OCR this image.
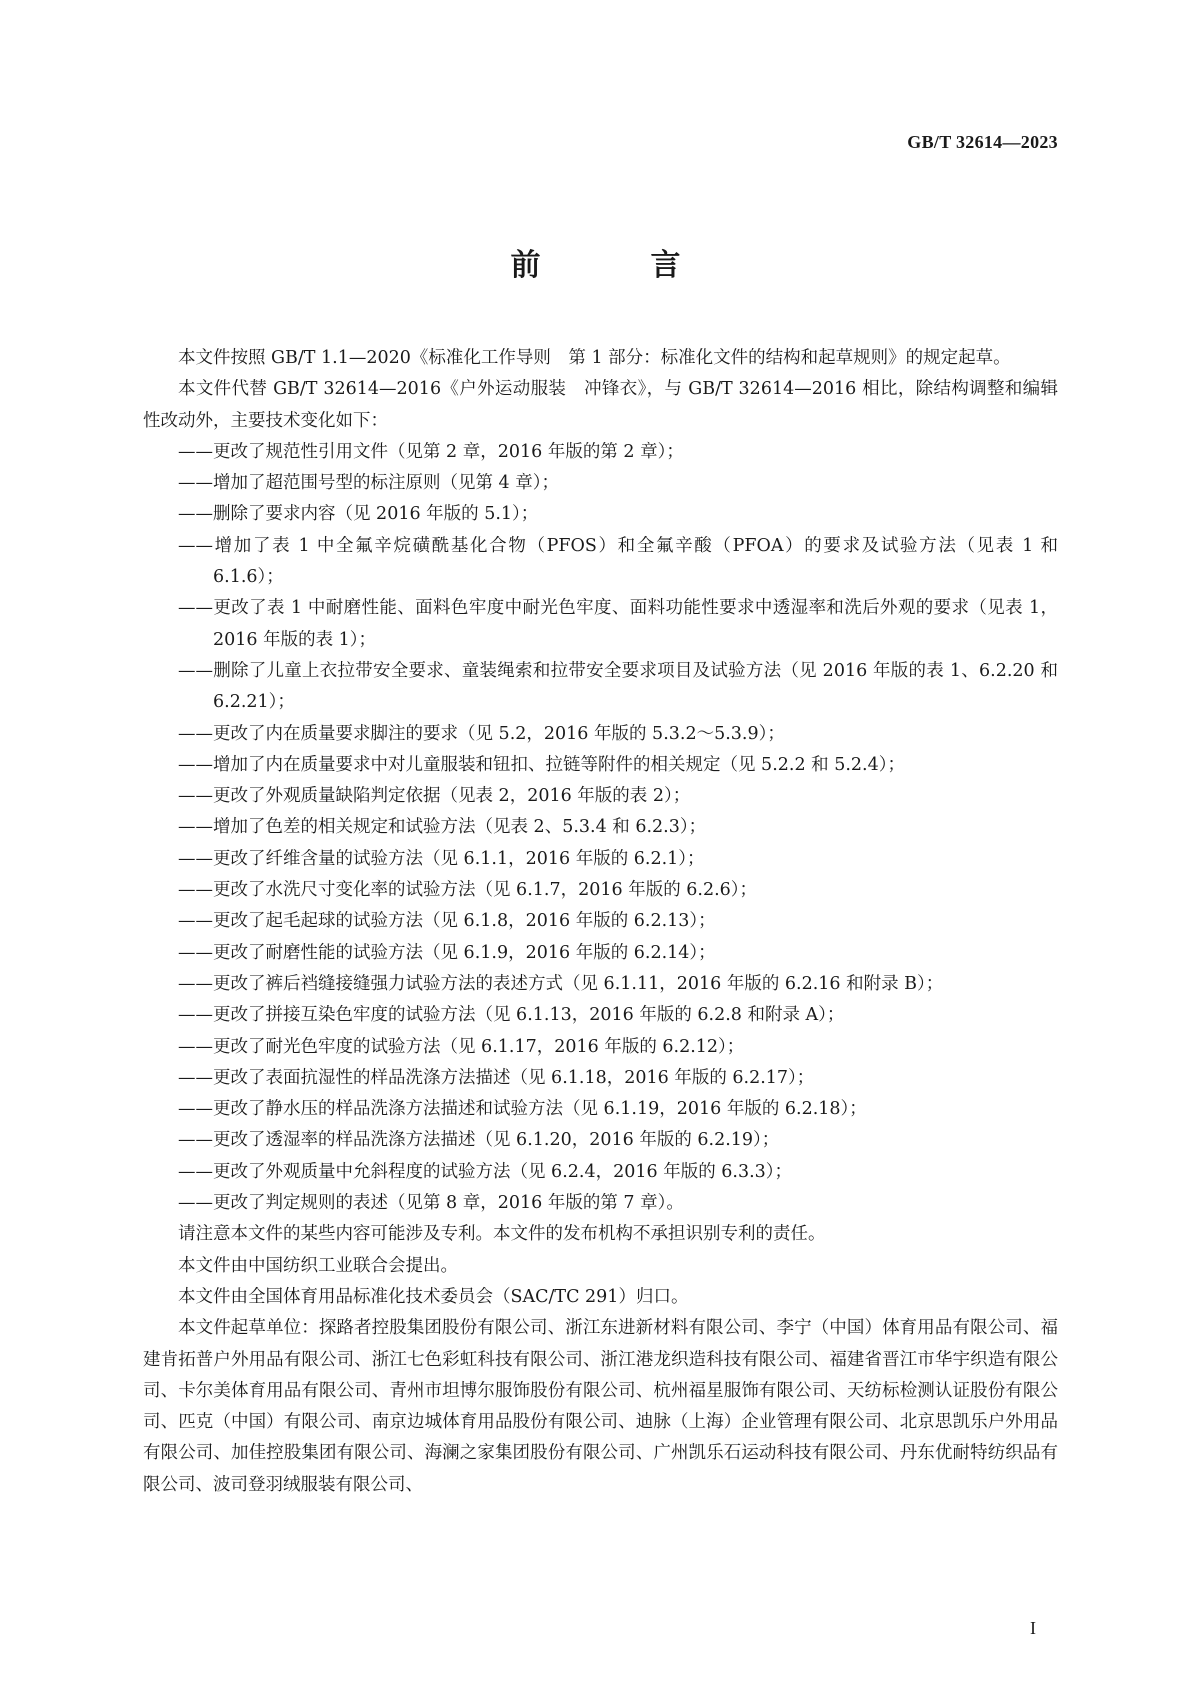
GB/T 32614—2023
前　言
本文件按照 GB/T 1.1—2020《标准化工作导则　第 1 部分：标准化文件的结构和起草规则》的规定起草。
本文件代替 GB/T 32614—2016《户外运动服装　冲锋衣》，与 GB/T 32614—2016 相比，除结构调整和编辑性改动外，主要技术变化如下：
——更改了规范性引用文件（见第 2 章，2016 年版的第 2 章）；
——增加了超范围号型的标注原则（见第 4 章）；
——删除了要求内容（见 2016 年版的 5.1）；
——增加了表 1 中全氟辛烷磺酰基化合物（PFOS）和全氟辛酸（PFOA）的要求及试验方法（见表 1 和 6.1.6）；
——更改了表 1 中耐磨性能、面料色牢度中耐光色牢度、面料功能性要求中透湿率和洗后外观的要求（见表 1，2016 年版的表 1）；
——删除了儿童上衣拉带安全要求、童装绳索和拉带安全要求项目及试验方法（见 2016 年版的表 1、6.2.20 和 6.2.21）；
——更改了内在质量要求脚注的要求（见 5.2，2016 年版的 5.3.2～5.3.9）；
——增加了内在质量要求中对儿童服装和钮扣、拉链等附件的相关规定（见 5.2.2 和 5.2.4）；
——更改了外观质量缺陷判定依据（见表 2，2016 年版的表 2）；
——增加了色差的相关规定和试验方法（见表 2、5.3.4 和 6.2.3）；
——更改了纤维含量的试验方法（见 6.1.1，2016 年版的 6.2.1）；
——更改了水洗尺寸变化率的试验方法（见 6.1.7，2016 年版的 6.2.6）；
——更改了起毛起球的试验方法（见 6.1.8，2016 年版的 6.2.13）；
——更改了耐磨性能的试验方法（见 6.1.9，2016 年版的 6.2.14）；
——更改了裤后裆缝接缝强力试验方法的表述方式（见 6.1.11，2016 年版的 6.2.16 和附录 B）；
——更改了拼接互染色牢度的试验方法（见 6.1.13，2016 年版的 6.2.8 和附录 A）；
——更改了耐光色牢度的试验方法（见 6.1.17，2016 年版的 6.2.12）；
——更改了表面抗湿性的样品洗涤方法描述（见 6.1.18，2016 年版的 6.2.17）；
——更改了静水压的样品洗涤方法描述和试验方法（见 6.1.19，2016 年版的 6.2.18）；
——更改了透湿率的样品洗涤方法描述（见 6.1.20，2016 年版的 6.2.19）；
——更改了外观质量中允斜程度的试验方法（见 6.2.4，2016 年版的 6.3.3）；
——更改了判定规则的表述（见第 8 章，2016 年版的第 7 章）。
请注意本文件的某些内容可能涉及专利。本文件的发布机构不承担识别专利的责任。
本文件由中国纺织工业联合会提出。
本文件由全国体育用品标准化技术委员会（SAC/TC 291）归口。
本文件起草单位：探路者控股集团股份有限公司、浙江东进新材料有限公司、李宁（中国）体育用品有限公司、福建肯拓普户外用品有限公司、浙江七色彩虹科技有限公司、浙江港龙织造科技有限公司、福建省晋江市华宇织造有限公司、卡尔美体育用品有限公司、青州市坦博尔服饰股份有限公司、杭州福星服饰有限公司、天纺标检测认证股份有限公司、匹克（中国）有限公司、南京边城体育用品股份有限公司、迪脉（上海）企业管理有限公司、北京思凯乐户外用品有限公司、加佳控股集团有限公司、海澜之家集团股份有限公司、广州凯乐石运动科技有限公司、丹东优耐特纺织品有限公司、波司登羽绒服装有限公司、
I
